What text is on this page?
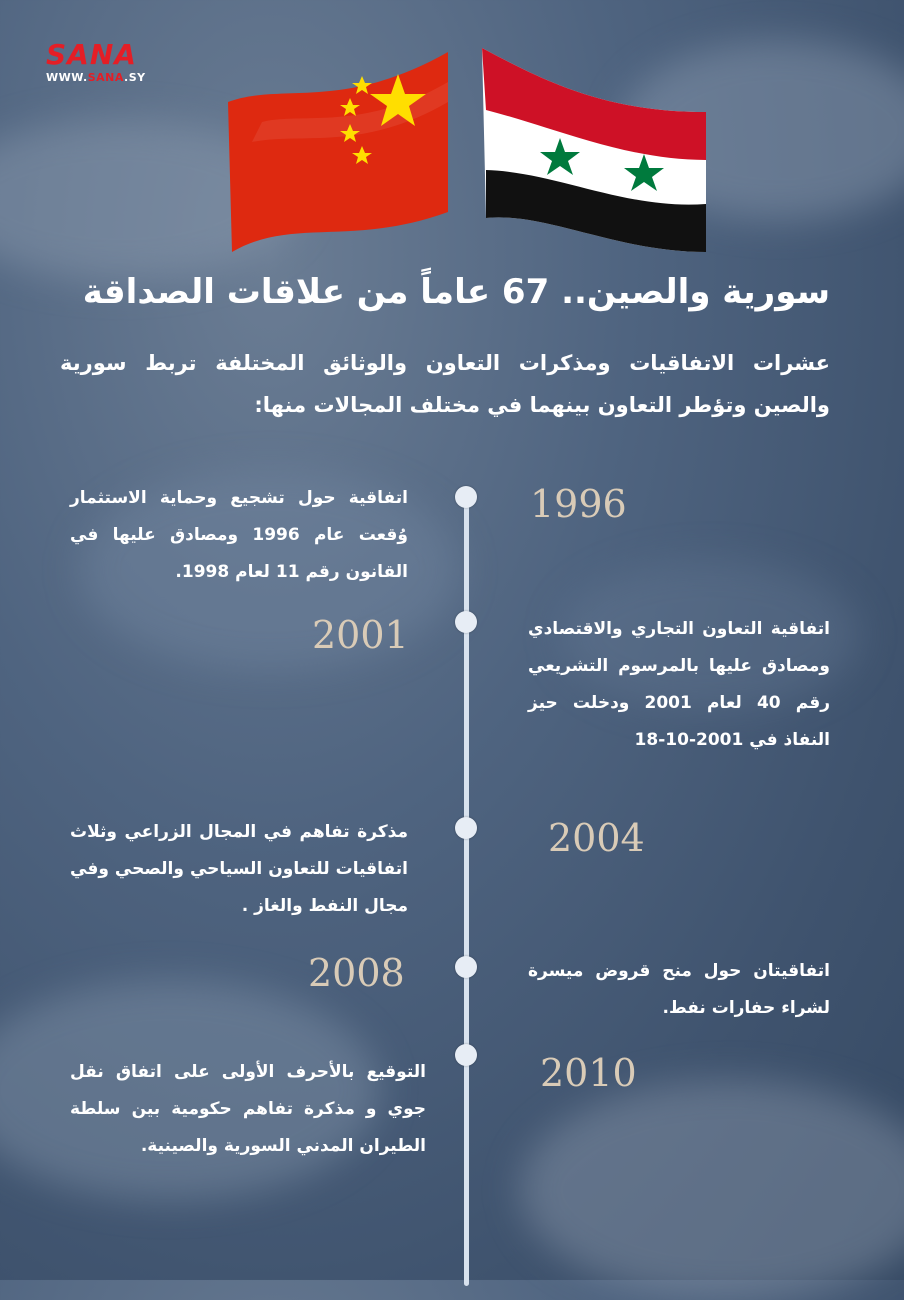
SANA
WWW.SANA.SY
سورية والصين.. 67 عاماً من علاقات الصداقة
عشرات الاتفاقيات ومذكرات التعاون والوثائق المختلفة تربط سورية والصين وتؤطر التعاون بينهما في مختلف المجالات منها:
1996
اتفاقية حول تشجيع وحماية الاستثمار وُقعت عام 1996 ومصادق عليها في القانون رقم 11 لعام 1998.
2001	اتفاقية التعاون التجاري والاقتصادي ومصادق عليها بالمرسوم التشريعي رقم 40 لعام 2001 ودخلت حيز النفاذ في 2001-10-18
2004
مذكرة تفاهم في المجال الزراعي وثلاث اتفاقيات للتعاون السياحي والصحي وفي مجال النفط والغاز .
2008	اتفاقيتان حول منح قروض ميسرة لشراء حفارات نفط.
2010
التوقيع بالأحرف الأولى على اتفاق نقل جوي و مذكرة تفاهم حكومية بين سلطة الطيران المدني السورية والصينية.
